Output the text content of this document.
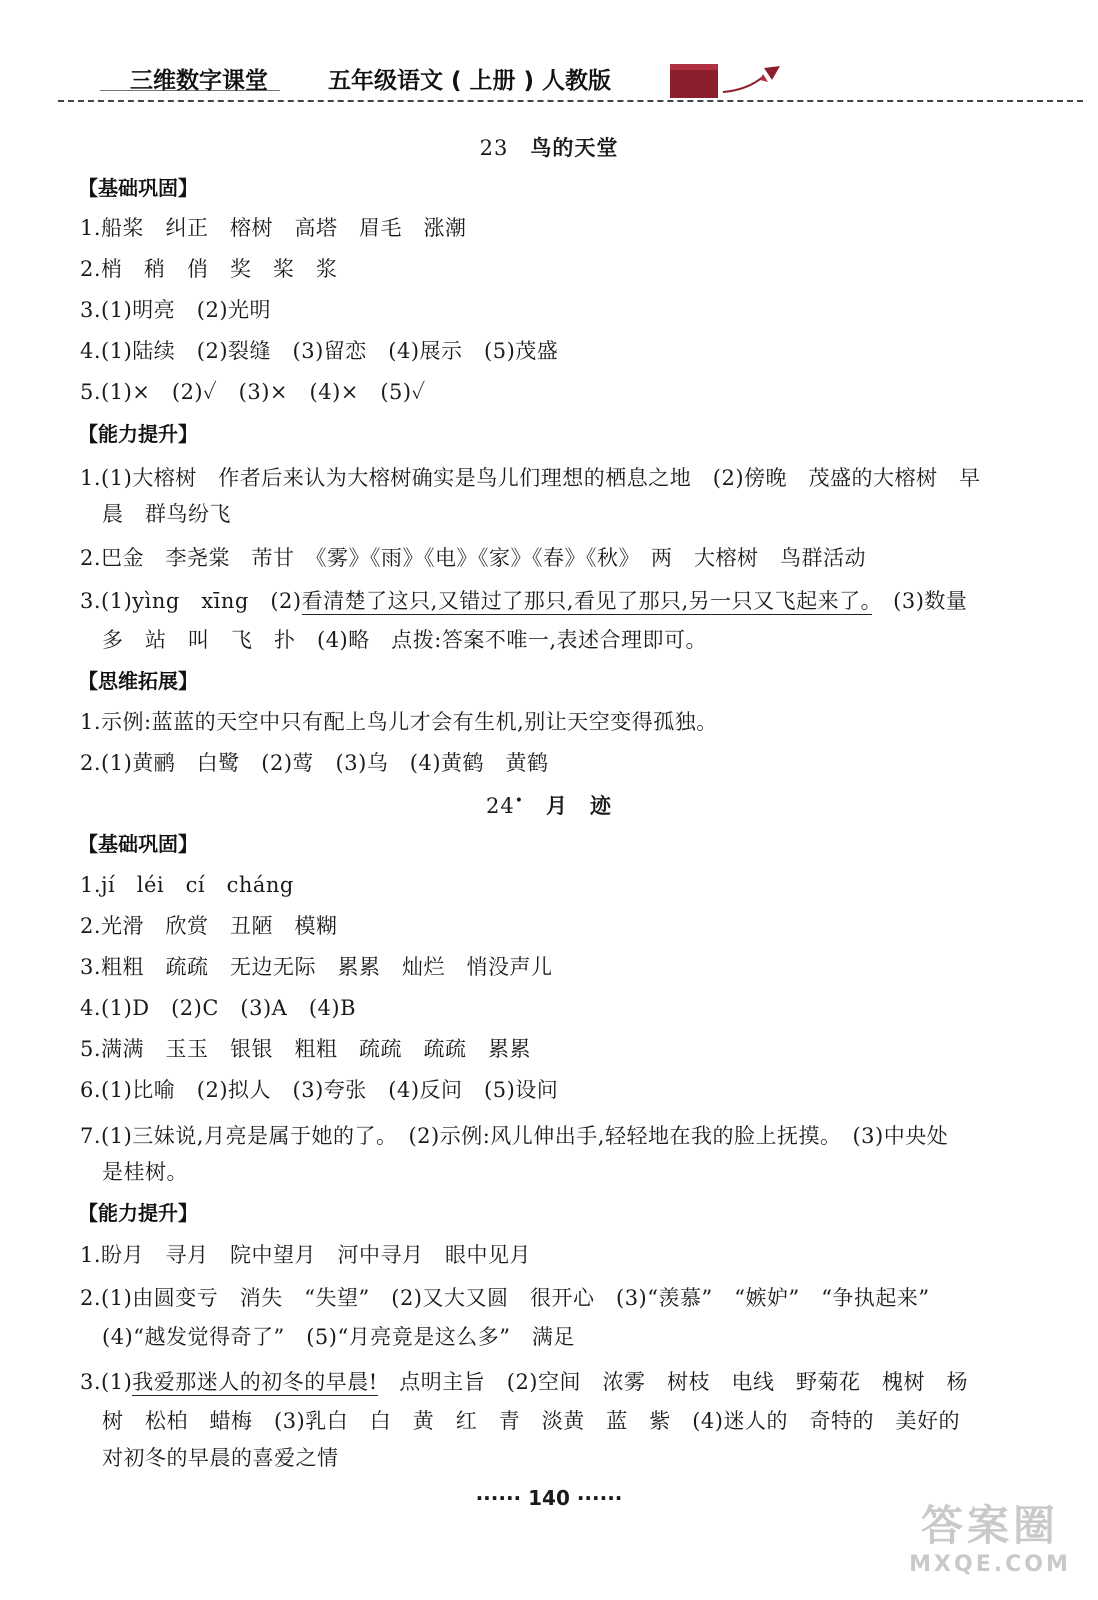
三维数字课堂	五年级语文 ( 上册 ) 人教版
23 鸟的天堂
【基础巩固】
1.船桨　纠正　榕树　高塔　眉毛　涨潮
2.梢　稍　俏　奖　桨　浆
3.(1)明亮　(2)光明
4.(1)陆续　(2)裂缝　(3)留恋　(4)展示　(5)茂盛
5.(1)×　(2)✓　(3)×　(4)×　(5)✓
【能力提升】
1.(1)大榕树　作者后来认为大榕树确实是鸟儿们理想的栖息之地　(2)傍晚　茂盛的大榕树　早
晨　群鸟纷飞
2.巴金　李尧棠　芾甘　《雾》《雨》《电》《家》《春》《秋》　两　大榕树　鸟群活动
3.(1)yìng　xīng　(2)看清楚了这只,又错过了那只,看见了那只,另一只又飞起来了。　(3)数量
多　站　叫　飞　扑　(4)略　点拨:答案不唯一,表述合理即可。
【思维拓展】
1.示例:蓝蓝的天空中只有配上鸟儿才会有生机,别让天空变得孤独。
2.(1)黄鹂　白鹭　(2)莺　(3)乌　(4)黄鹤　黄鹤
24• 月　迹
【基础巩固】
1.jí　léi　cí　cháng
2.光滑　欣赏　丑陋　模糊
3.粗粗　疏疏　无边无际　累累　灿烂　悄没声儿
4.(1)D　(2)C　(3)A　(4)B
5.满满　玉玉　银银　粗粗　疏疏　疏疏　累累
6.(1)比喻　(2)拟人　(3)夸张　(4)反问　(5)设问
7.(1)三妹说,月亮是属于她的了。　(2)示例:风儿伸出手,轻轻地在我的脸上抚摸。　(3)中央处
是桂树。
【能力提升】
1.盼月　寻月　院中望月　河中寻月　眼中见月
2.(1)由圆变亏　消失　“失望”　(2)又大又圆　很开心　(3)“羡慕”　“嫉妒”　“争执起来”
(4)“越发觉得奇了”　(5)“月亮竟是这么多”　满足
3.(1)我爱那迷人的初冬的早晨!　点明主旨　(2)空间　浓雾　树枝　电线　野菊花　槐树　杨
树　松柏　蜡梅　(3)乳白　白　黄　红　青　淡黄　蓝　紫　(4)迷人的　奇特的　美好的
对初冬的早晨的喜爱之情
······ 140 ······
答案圈
MXQE.COM
